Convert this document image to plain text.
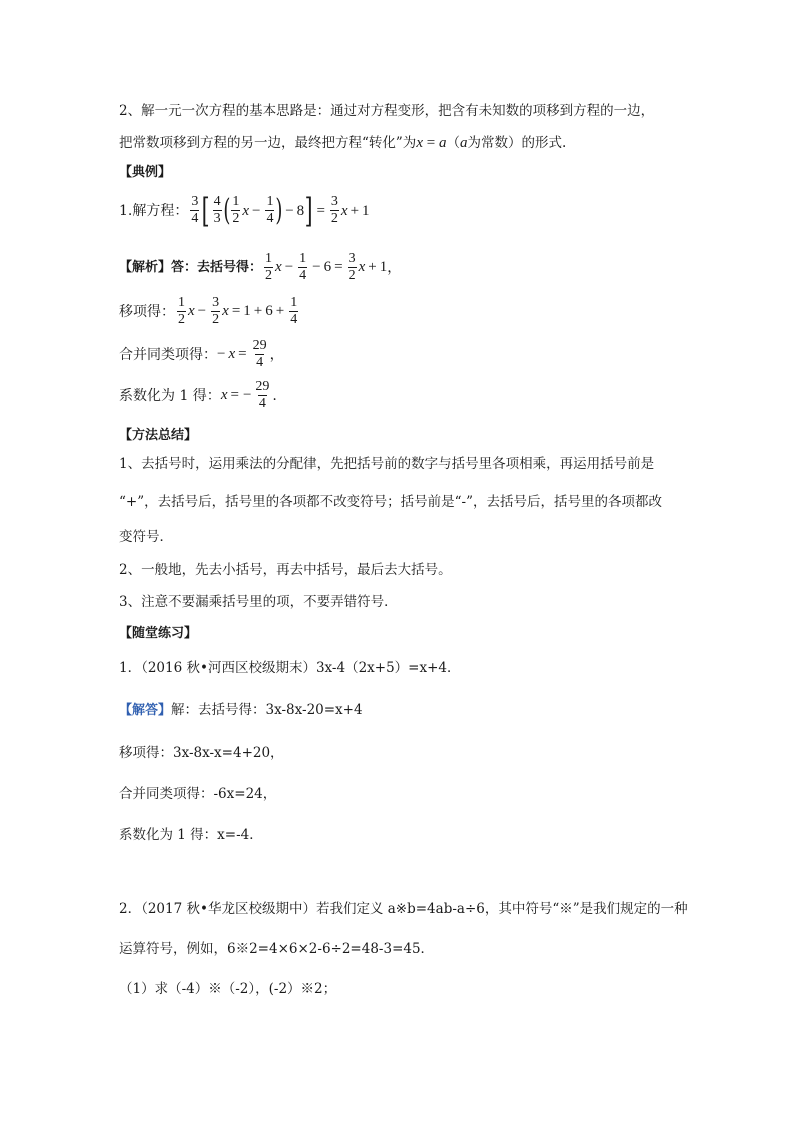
2、解一元一次方程的基本思路是：通过对方程变形，把含有未知数的项移到方程的一边，
把常数项移到方程的另一边，最终把方程“转化”为x = a（a为常数）的形式.
【典例】
1.解方程： $\frac{3}{4}$ [ $\frac{4}{3}$ ( $\frac{1}{2}$ $x - \frac{1}{4}$ ) − 8 ] = $\frac{3}{2}$ x + 1
【解析】答：去括号得： $\frac{1}{2}$ $x - \frac{1}{4} - 6 = \frac{3}{2}$ x + 1 ，
移项得： $\frac{1}{2}$ $x - \frac{3}{2}$ $x = 1 + 6 + \frac{1}{4}$
合并同类项得： − $x = \frac{29}{4}$ ，
系数化为 1 得： x = − $\frac{29}{4}$ .
【方法总结】
1、去括号时，运用乘法的分配律，先把括号前的数字与括号里各项相乘，再运用括号前是
“+”，去括号后，括号里的各项都不改变符号；括号前是“-”，去括号后，括号里的各项都改
变符号．
2、一般地，先去小括号，再去中括号，最后去大括号。
3、注意不要漏乘括号里的项，不要弄错符号．
【随堂练习】
1．（2016 秋•河西区校级期末）3x-4（2x+5）=x+4．
【解答】解：去括号得：3x-8x-20=x+4
移项得：3x-8x-x=4+20，
合并同类项得：-6x=24，
系数化为 1 得：x=-4．
2．（2017 秋•华龙区校级期中）若我们定义 a※b=4ab-a÷6，其中符号“※”是我们规定的一种
运算符号，例如，6※2=4×6×2-6÷2=48-3=45．
（1）求（-4）※（-2），(-2）※2；
